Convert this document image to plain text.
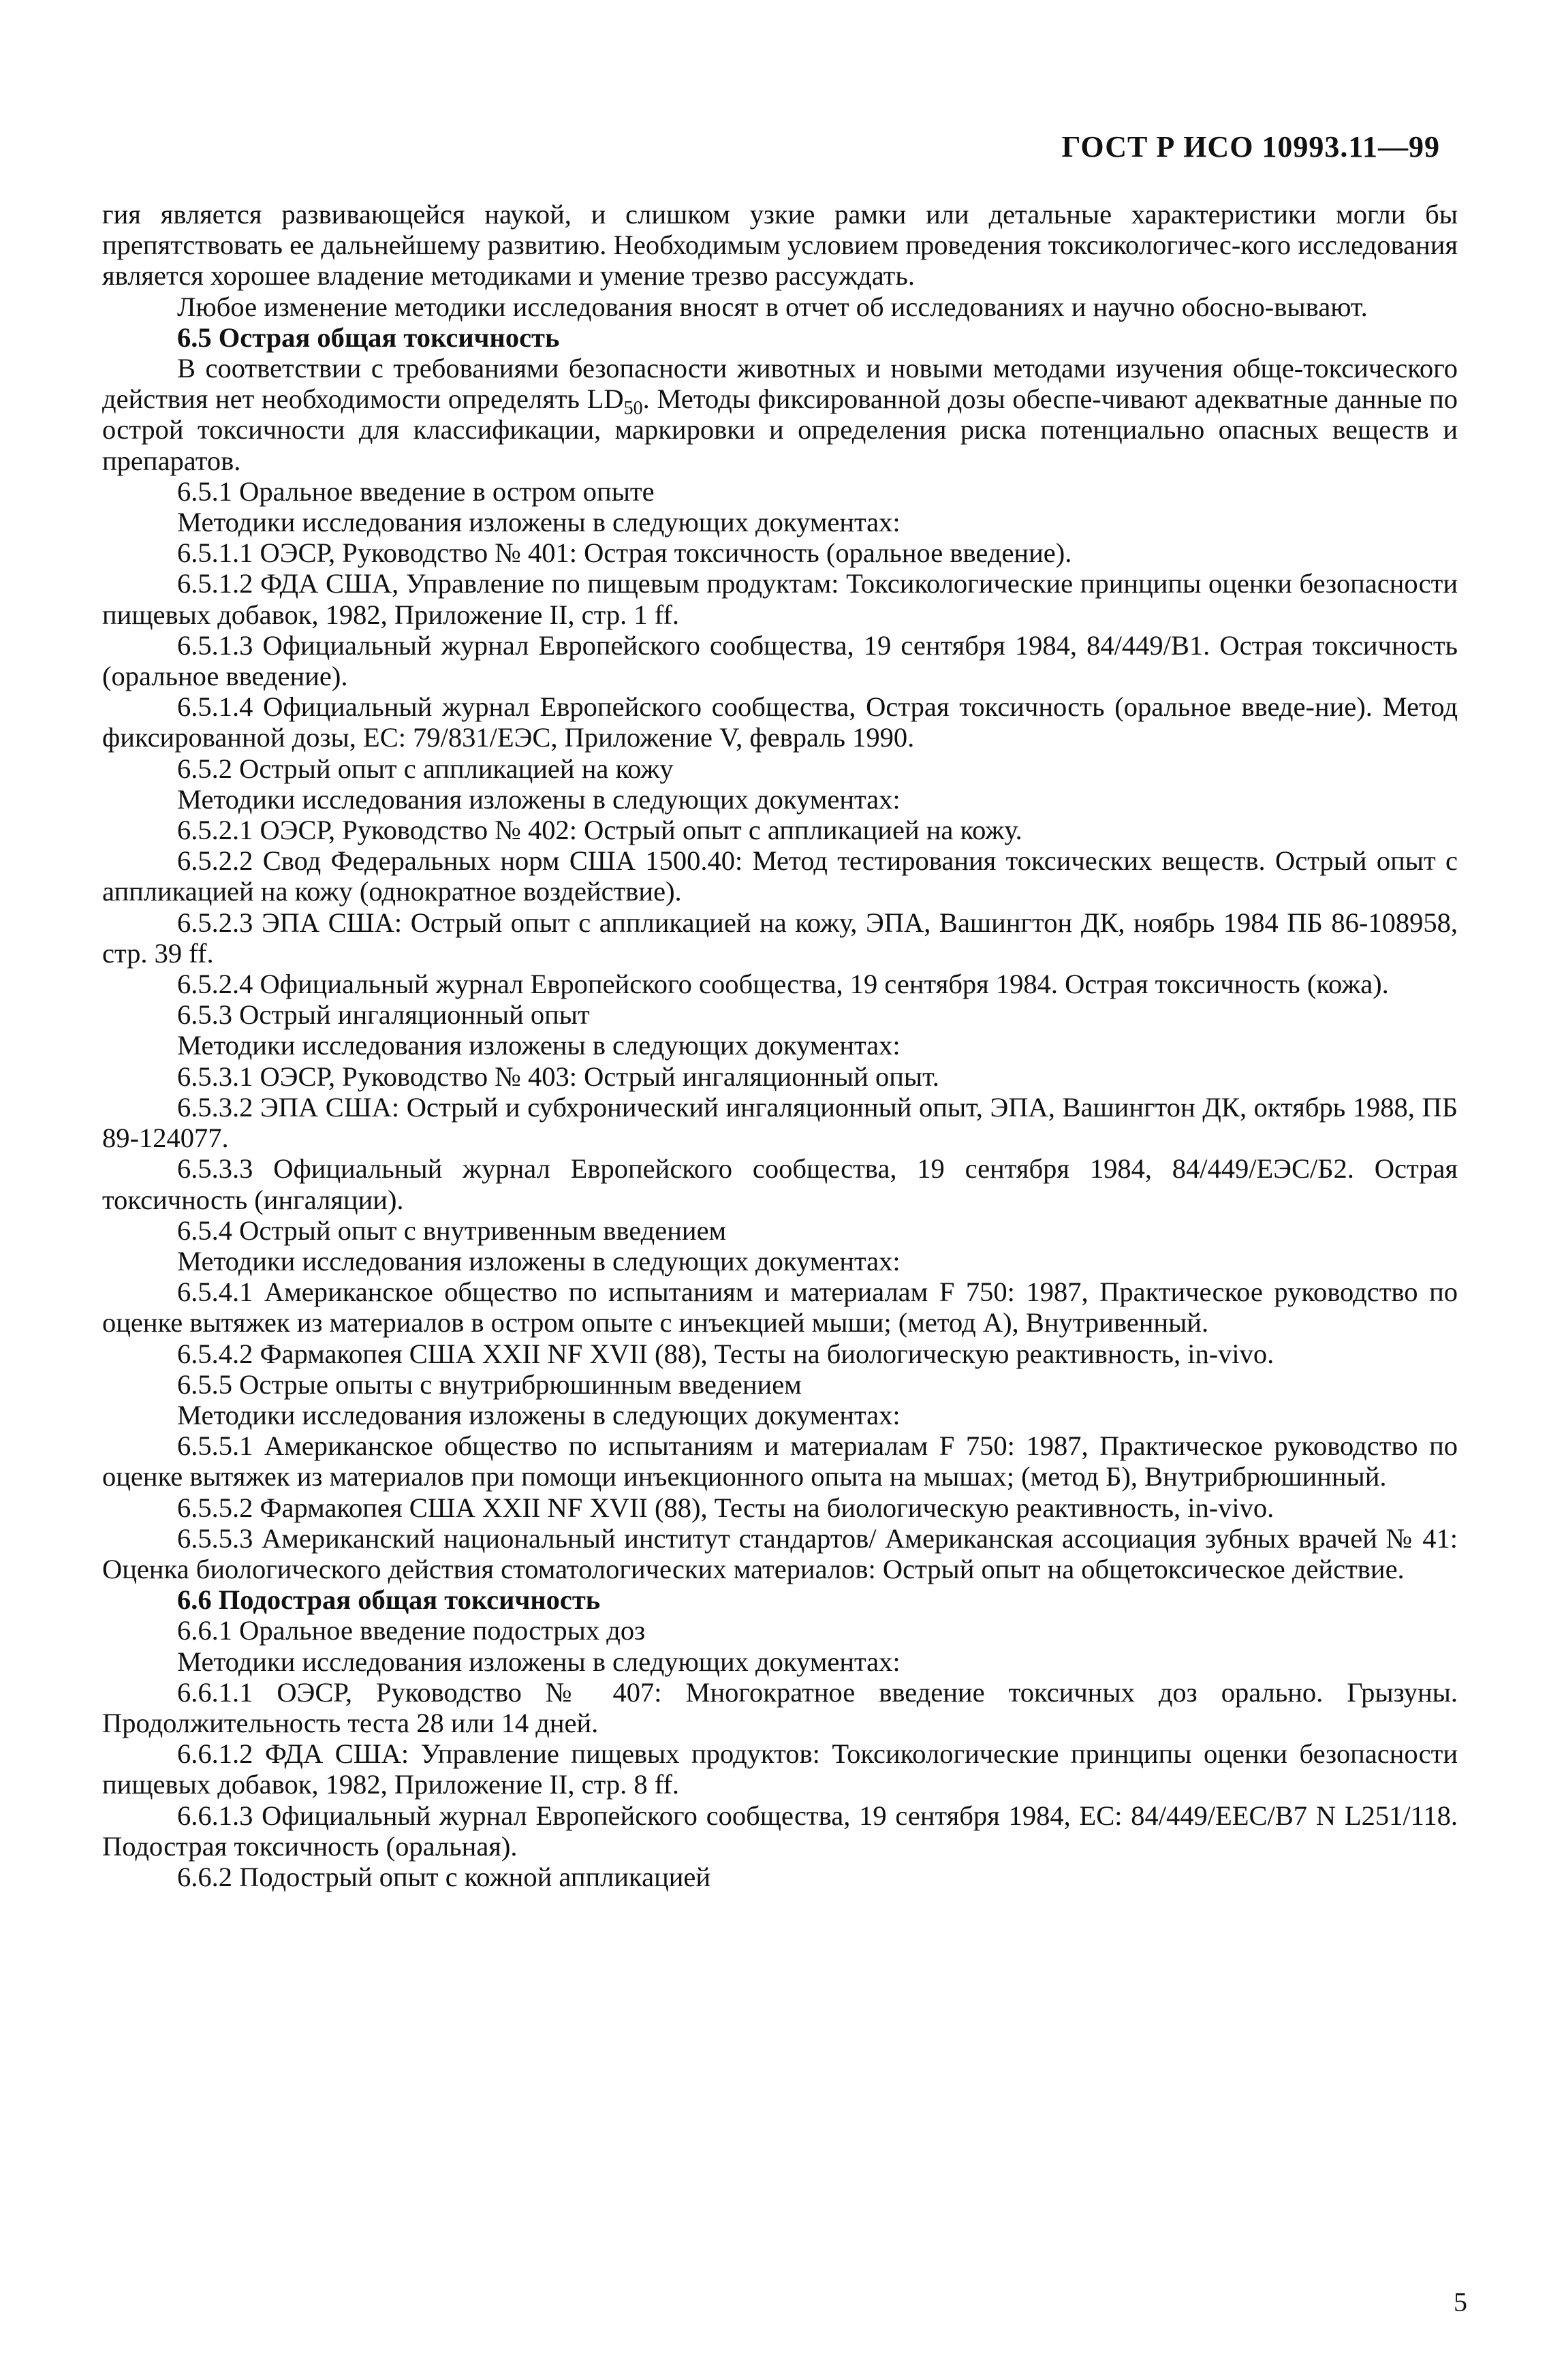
ГОСТ Р ИСО 10993.11—99

гия является развивающейся наукой, и слишком узкие рамки или детальные характеристики могли бы препятствовать ее дальнейшему развитию. Необходимым условием проведения токсикологичес-кого исследования является хорошее владение методиками и умение трезво рассуждать.

Любое изменение методики исследования вносят в отчет об исследованиях и научно обосно-вывают.

6.5 Острая общая токсичность

В соответствии с требованиями безопасности животных и новыми методами изучения обще-токсического действия нет необходимости определять $LD_{50}$. Методы фиксированной дозы обеспе-чивают адекватные данные по острой токсичности для классификации, маркировки и определения риска потенциально опасных веществ и препаратов.

6.5.1 Оральное введение в остром опыте

Методики исследования изложены в следующих документах:

6.5.1.1 ОЭСР, Руководство № 401: Острая токсичность (оральное введение).

6.5.1.2 ФДА США, Управление по пищевым продуктам: Токсикологические принципы оценки безопасности пищевых добавок, 1982, Приложение II, стр. 1 ff.

6.5.1.3 Официальный журнал Европейского сообщества, 19 сентября 1984, 84/449/В1. Острая токсичность (оральное введение).

6.5.1.4 Официальный журнал Европейского сообщества, Острая токсичность (оральное введе-ние). Метод фиксированной дозы, ЕС: 79/831/ЕЭС, Приложение V, февраль 1990.

6.5.2 Острый опыт с аппликацией на кожу

Методики исследования изложены в следующих документах:

6.5.2.1 ОЭСР, Руководство № 402: Острый опыт с аппликацией на кожу.

6.5.2.2 Свод Федеральных норм США 1500.40: Метод тестирования токсических веществ. Острый опыт с аппликацией на кожу (однократное воздействие).

6.5.2.3 ЭПА США: Острый опыт с аппликацией на кожу, ЭПА, Вашингтон ДК, ноябрь 1984 ПБ 86-108958, стр. 39 ff.

6.5.2.4 Официальный журнал Европейского сообщества, 19 сентября 1984. Острая токсичность (кожа).

6.5.3 Острый ингаляционный опыт

Методики исследования изложены в следующих документах:

6.5.3.1 ОЭСР, Руководство № 403: Острый ингаляционный опыт.

6.5.3.2 ЭПА США: Острый и субхронический ингаляционный опыт, ЭПА, Вашингтон ДК, октябрь 1988, ПБ 89-124077.

6.5.3.3 Официальный журнал Европейского сообщества, 19 сентября 1984, 84/449/ЕЭС/Б2. Острая токсичность (ингаляции).

6.5.4 Острый опыт с внутривенным введением

Методики исследования изложены в следующих документах:

6.5.4.1 Американское общество по испытаниям и материалам F 750: 1987, Практическое руководство по оценке вытяжек из материалов в остром опыте с инъекцией мыши; (метод А), Внутривенный.

6.5.4.2 Фармакопея США XXII NF XVII (88), Тесты на биологическую реактивность, in-vivo.

6.5.5 Острые опыты с внутрибрюшинным введением

Методики исследования изложены в следующих документах:

6.5.5.1 Американское общество по испытаниям и материалам F 750: 1987, Практическое руководство по оценке вытяжек из материалов при помощи инъекционного опыта на мышах; (метод Б), Внутрибрюшинный.

6.5.5.2 Фармакопея США XXII NF XVII (88), Тесты на биологическую реактивность, in-vivo.

6.5.5.3 Американский национальный институт стандартов/ Американская ассоциация зубных врачей № 41: Оценка биологического действия стоматологических материалов: Острый опыт на общетоксическое действие.

6.6 Подострая общая токсичность

6.6.1 Оральное введение подострых доз

Методики исследования изложены в следующих документах:

6.6.1.1 ОЭСР, Руководство № 407: Многократное введение токсичных доз орально. Грызуны. Продолжительность теста 28 или 14 дней.

6.6.1.2 ФДА США: Управление пищевых продуктов: Токсикологические принципы оценки безопасности пищевых добавок, 1982, Приложение II, стр. 8 ff.

6.6.1.3 Официальный журнал Европейского сообщества, 19 сентября 1984, ЕС: 84/449/EEC/B7 N L251/118. Подострая токсичность (оральная).

6.6.2 Подострый опыт с кожной аппликацией

5
